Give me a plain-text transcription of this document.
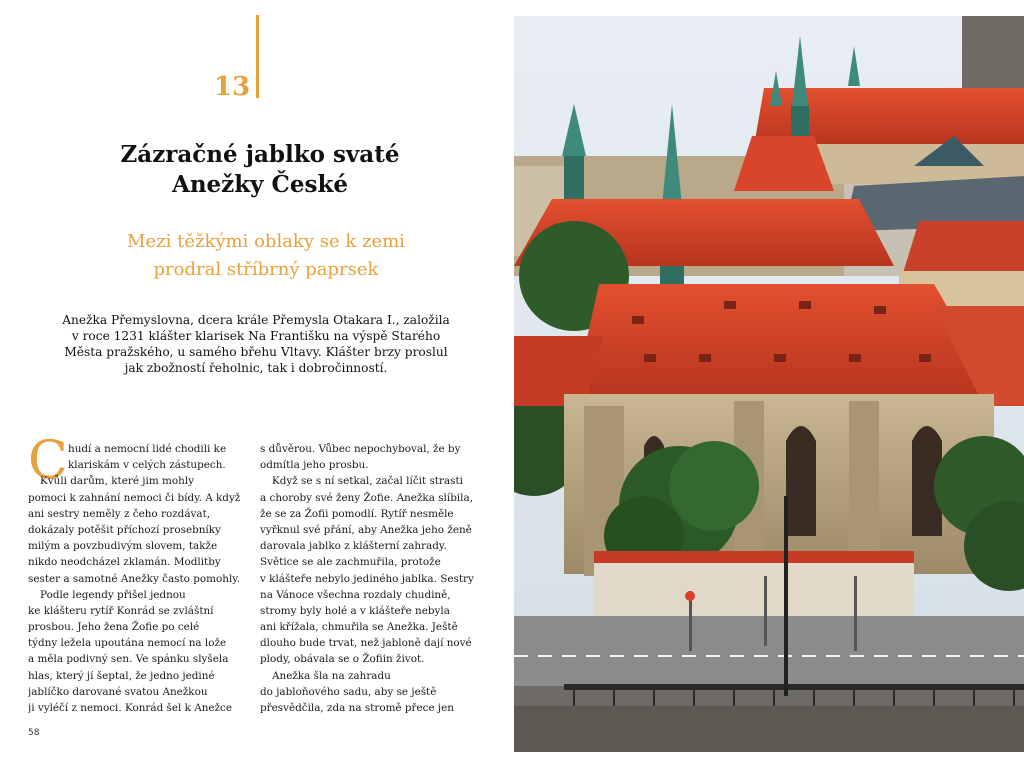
13
Zázračné jablko svaté
Anežky České
Mezi těžkými oblaky se k zemi
prodral stříbrný paprsek
Anežka Přemyslovna, dcera krále Přemysla Otakara I., založila
v roce 1231 klášter klarisek Na Františku na výspě Starého
Města pražského, u samého břehu Vltavy. Klášter brzy proslul
jak zbožností řeholnic, tak i dobročinností.
C hudí a nemocní lidé chodili ke
klariskám v celých zástupech.
Kvůli darům, které jim mohly
pomoci k zahnání nemoci či bídy. A když
ani sestry neměly z čeho rozdávat,
dokázaly potěšit příchozí prosebníky
milým a povzbudivým slovem, takže
nikdo neodcházel zklamán. Modlitby
sester a samotné Anežky často pomohly.
Podle legendy přišel jednou
ke klášteru rytíř Konrád se zvláštní
prosbou. Jeho žena Žofie po celé
týdny ležela upoutána nemocí na lože
a měla podivný sen. Ve spánku slyšela
hlas, který jí šeptal, že jedno jediné
jablíčko darované svatou Anežkou
ji vyléčí z nemoci. Konrád šel k Anežce
s důvěrou. Vůbec nepochyboval, že by
odmítla jeho prosbu.
Když se s ní setkal, začal líčit strasti
a choroby své ženy Žofie. Anežka slíbila,
že se za Žofii pomodlí. Rytíř nesměle
vyřknul své přání, aby Anežka jeho ženě
darovala jablko z klášterní zahrady.
Světice se ale zachmuřila, protože
v klášteře nebylo jediného jablka. Sestry
na Vánoce všechna rozdaly chudině,
stromy byly holé a v klášteře nebyla
ani křížala, chmuřila se Anežka. Ještě
dlouho bude trvat, než jabloně dají nové
plody, obávala se o Žofiin život.
Anežka šla na zahradu
do jabloňového sadu, aby se ještě
přesvědčila, zda na stromě přece jen
58
